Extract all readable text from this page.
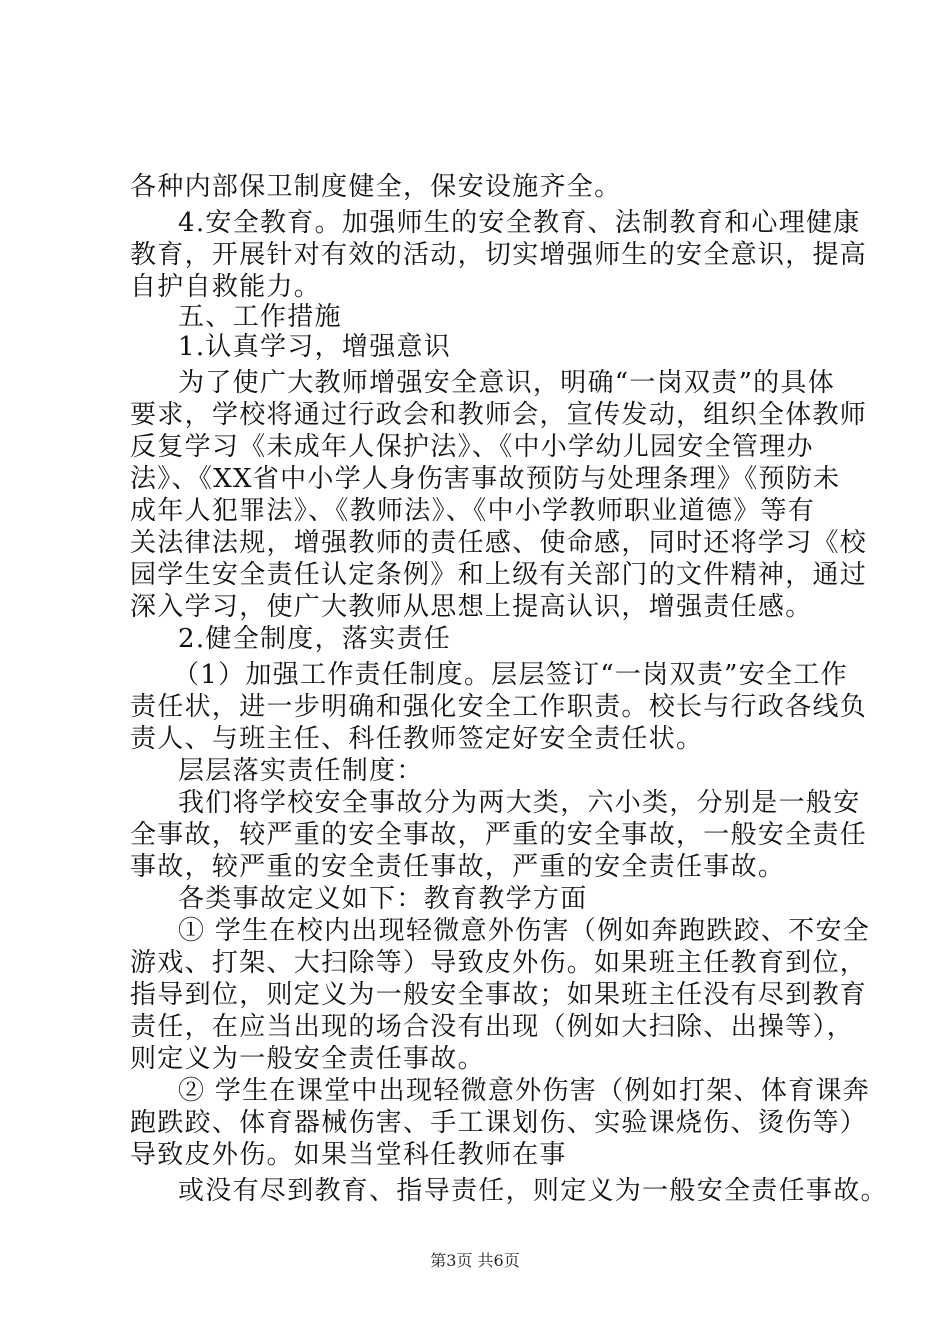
各种内部保卫制度健全，保安设施齐全。
4.安全教育。加强师生的安全教育、法制教育和心理健康
教育，开展针对有效的活动，切实增强师生的安全意识，提高
自护自救能力。
五、工作措施
1.认真学习，增强意识
为了使广大教师增强安全意识，明确“一岗双责”的具体
要求，学校将通过行政会和教师会，宣传发动，组织全体教师
反复学习《未成年人保护法》、《中小学幼儿园安全管理办
法》、《XX省中小学人身伤害事故预防与处理条理》《预防未
成年人犯罪法》、《教师法》、《中小学教师职业道德》等有
关法律法规，增强教师的责任感、使命感，同时还将学习《校
园学生安全责任认定条例》和上级有关部门的文件精神，通过
深入学习，使广大教师从思想上提高认识，增强责任感。
2.健全制度，落实责任
（1）加强工作责任制度。层层签订“一岗双责”安全工作
责任状，进一步明确和强化安全工作职责。校长与行政各线负
责人、与班主任、科任教师签定好安全责任状。
层层落实责任制度：
我们将学校安全事故分为两大类，六小类，分别是一般安
全事故，较严重的安全事故，严重的安全事故，一般安全责任
事故，较严重的安全责任事故，严重的安全责任事故。
各类事故定义如下：教育教学方面
① 学生在校内出现轻微意外伤害（例如奔跑跌跤、不安全
游戏、打架、大扫除等）导致皮外伤。如果班主任教育到位，
指导到位，则定义为一般安全事故；如果班主任没有尽到教育
责任，在应当出现的场合没有出现（例如大扫除、出操等），
则定义为一般安全责任事故。
② 学生在课堂中出现轻微意外伤害（例如打架、体育课奔
跑跌跤、体育器械伤害、手工课划伤、实验课烧伤、烫伤等）
导致皮外伤。如果当堂科任教师在事
或没有尽到教育、指导责任，则定义为一般安全责任事故。
第3页 共6页
